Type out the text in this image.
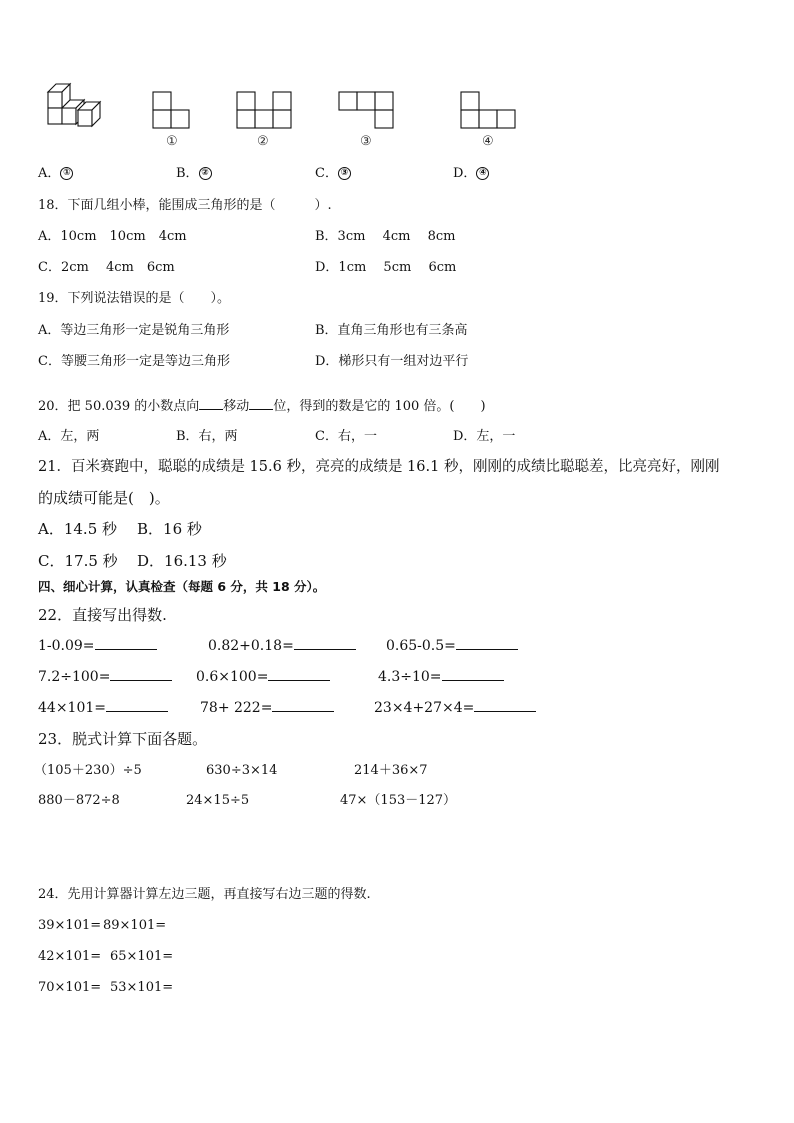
①	②	③	④
A． ①	B． ②	C． ③	D． ④
18．下面几组小棒，能围成三角形的是（　　　）.
A．10cm　10cm　4cm	B．3cm　 4cm　 8cm
C．2cm　 4cm　6cm	D．1cm　 5cm　 6cm
19．下列说法错误的是（　　）。
A．等边三角形一定是锐角三角形	B．直角三角形也有三条高
C．等腰三角形一定是等边三角形	D．梯形只有一组对边平行
20．把 50.039 的小数点向 移动 位，得到的数是它的 100 倍。(　　)
A．左，两	B．右，两	C．右，一	D．左，一
21．百米赛跑中，聪聪的成绩是 15.6 秒，亮亮的成绩是 16.1 秒，刚刚的成绩比聪聪差，比亮亮好，刚刚
的成绩可能是(　)。
A．14.5 秒 B．16 秒
C．17.5 秒 D．16.13 秒
四、细心计算，认真检查（每题 6 分，共 18 分）。
22．直接写出得数.
1-0.09=	0.82+0.18=	0.65-0.5=
7.2÷100=	0.6×100=	4.3÷10=
44×101=	78+ 222=	23×4+27×4=
23．脱式计算下面各题。
（105＋230）÷5	630÷3×14	214＋36×7
880－872÷8	24×15÷5	47×（153－127）
24．先用计算器计算左边三题，再直接写右边三题的得数.
39×101= 89×101=
42×101= 65×101=
70×101= 53×101=
